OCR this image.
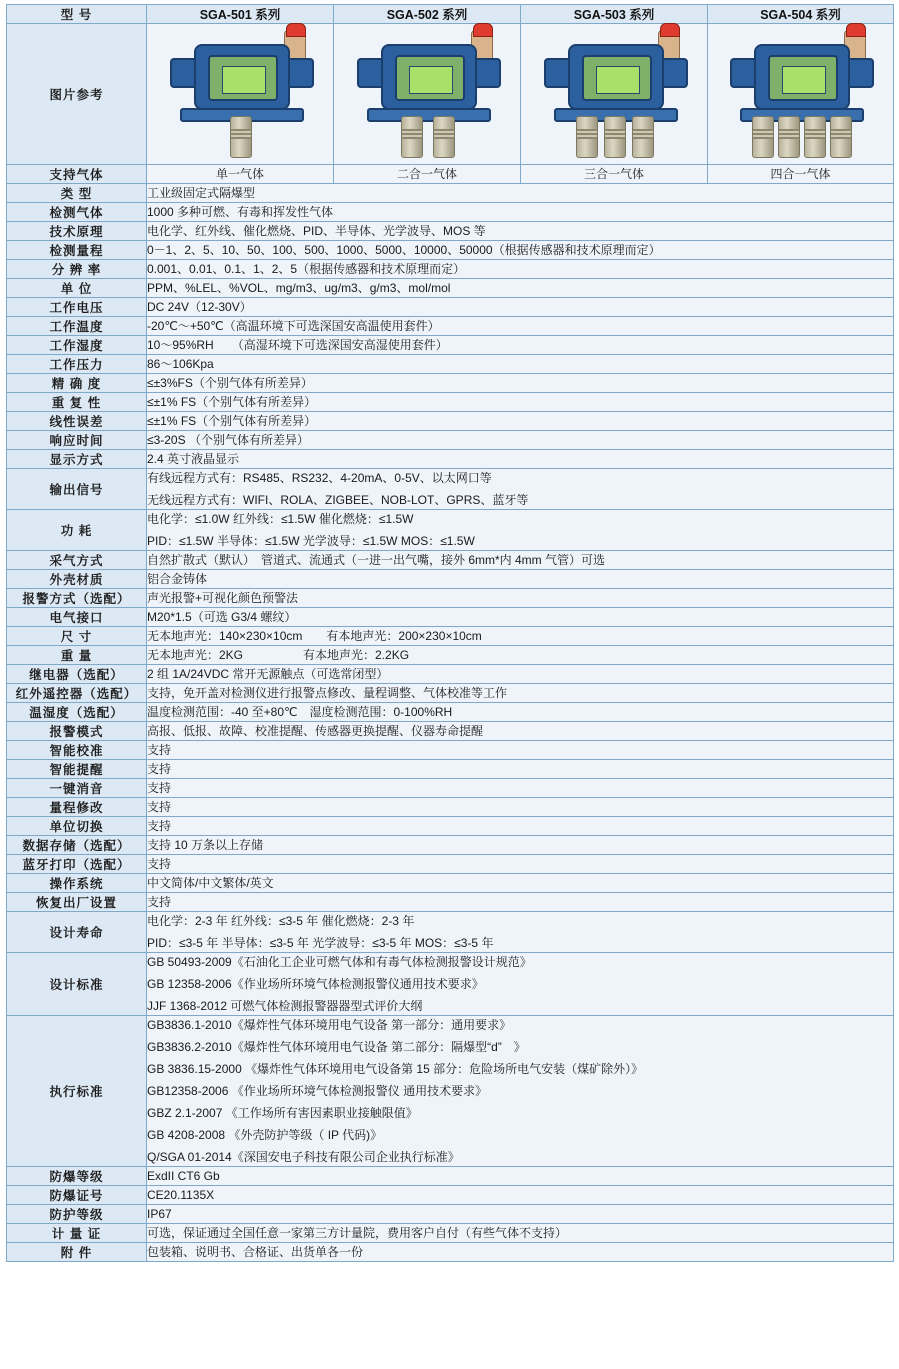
型 号	SGA-501 系列	SGA-502 系列	SGA-503 系列	SGA-504 系列
图片参考	

支持气体	单一气体	二合一气体	三合一气体	四合一气体
类 型	工业级固定式隔爆型			
检测气体	1000 多种可燃、有毒和挥发性气体			
技术原理	电化学、红外线、催化燃烧、PID、半导体、光学波导、MOS 等			
检测量程	0－1、2、5、10、50、100、500、1000、5000、10000、50000（根据传感器和技术原理而定）			
分 辨 率	0.001、0.01、0.1、1、2、5（根据传感器和技术原理而定）			
单 位	PPM、%LEL、%VOL、mg/m3、ug/m3、g/m3、mol/mol			
工作电压	DC 24V（12-30V）			
工作温度	-20℃～+50℃（高温环境下可选深国安高温使用套件）			
工作湿度	10～95%RH　　（高湿环境下可选深国安高湿使用套件）			
工作压力	86～106Kpa			
精 确 度	≤±3%FS（个别气体有所差异）			
重 复 性	≤±1% FS（个别气体有所差异）			
线性误差	≤±1% FS（个别气体有所差异）			
响应时间	≤3-20S （个别气体有所差异）			
显示方式	2.4 英寸液晶显示			
输出信号	有线远程方式有：RS485、RS232、4-20mA、0-5V、以太网口等
无线远程方式有：WIFI、ROLA、ZIGBEE、NOB-LOT、GPRS、蓝牙等			

功 耗	电化学：≤1.0W 红外线：≤1.5W 催化燃烧：≤1.5W
PID：≤1.5W 半导体：≤1.5W 光学波导：≤1.5W MOS：≤1.5W			

采气方式	自然扩散式（默认）　管道式、流通式（一进一出气嘴，接外 6mm*内 4mm 气管）可选			
外壳材质	铝合金铸体			
报警方式（选配）	声光报警+可视化颜色预警法			
电气接口	M20*1.5（可选 G3/4 螺纹）			
尺 寸	无本地声光：140×230×10cm　　有本地声光：200×230×10cm			
重 量	无本地声光：2KG　　　　　有本地声光：2.2KG			
继电器（选配）	2 组 1A/24VDC 常开无源触点（可选常闭型）			
红外遥控器（选配）	支持，免开盖对检测仪进行报警点修改、量程调整、气体校准等工作			
温湿度（选配）	温度检测范围：-40 至+80℃　湿度检测范围：0-100%RH			
报警模式	高报、低报、故障、校准提醒、传感器更换提醒、仪器寿命提醒			
智能校准	支持			
智能提醒	支持			
一键消音	支持			
量程修改	支持			
单位切换	支持			
数据存储（选配）	支持 10 万条以上存储			
蓝牙打印（选配）	支持			
操作系统	中文简体/中文繁体/英文			
恢复出厂设置	支持			
设计寿命	电化学：2-3 年 红外线：≤3-5 年 催化燃烧：2-3 年
PID：≤3-5 年 半导体：≤3-5 年 光学波导：≤3-5 年 MOS：≤3-5 年			

设计标准	GB 50493-2009《石油化工企业可燃气体和有毒气体检测报警设计规范》
GB 12358-2006《作业场所环境气体检测报警仪通用技术要求》
JJF 1368-2012 可燃气体检测报警器器型式评价大纲			

执行标准	
GB3836.1-2010《爆炸性气体环境用电气设备 第一部分：通用要求》
GB3836.2-2010《爆炸性气体环境用电气设备 第二部分：隔爆型“d”　》
GB 3836.15-2000 《爆炸性气体环境用电气设备第 15 部分：危险场所电气安装（煤矿除外）》
GB12358-2006 《作业场所环境气体检测报警仪 通用技术要求》
GBZ 2.1-2007 《工作场所有害因素职业接触限值》
GB 4208-2008 《外壳防护等级（ IP 代码)》
Q/SGA 01-2014《深国安电子科技有限公司企业执行标准》

防爆等级	ExdII CT6 Gb			
防爆证号	CE20.1135X			
防护等级	IP67			
计 量 证	可选，保证通过全国任意一家第三方计量院，费用客户自付（有些气体不支持）			
附 件	包装箱、说明书、合格证、出货单各一份			
